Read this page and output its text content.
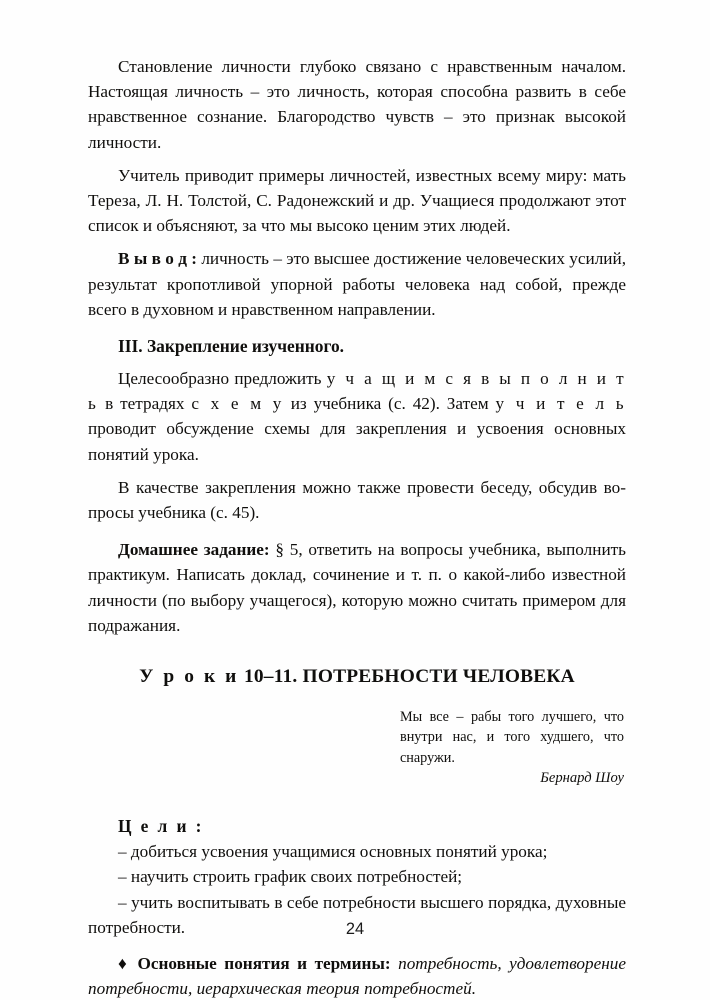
Становление личности глубоко связано с нравственным началом. Настоящая личность – это личность, которая способна развить в себе нравственное сознание. Благородство чувств – это признак высокой личности.

Учитель приводит примеры личностей, известных всему миру: мать Тереза, Л. Н. Толстой, С. Радонежский и др. Учащиеся продолжают этот список и объясняют, за что мы высоко ценим этих людей.

В ы в о д : личность – это высшее достижение человеческих усилий, результат кропотливой упорной работы человека над собой, прежде всего в духовном и нравственном направлении.

III. Закрепление изученного.

Целесообразно предложить у ч а щ и м с я в ы п о л н и т ь в тетрадях с х е м у из учебника (с. 42). Затем у ч и т е л ь проводит обсуждение схемы для закрепления и усвоения основных понятий урока.

В качестве закрепления можно также провести беседу, обсудив вопросы учебника (с. 45).

Домашнее задание: § 5, ответить на вопросы учебника, выполнить практикум. Написать доклад, сочинение и т. п. о какой-либо известной личности (по выбору учащегося), которую можно считать примером для подражания.

У р о к и 10–11. ПОТРЕБНОСТИ ЧЕЛОВЕКА

Мы все – рабы того лучшего, что внутри нас, и того худшего, что снаружи.

Бернард Шоу

Ц е л и :

– добиться усвоения учащимися основных понятий урока;

– научить строить график своих потребностей;

– учить воспитывать в себе потребности высшего порядка, духовные потребности.

♦ Основные понятия и термины: потребность, удовлетворение потребности, иерархическая теория потребностей.

24
